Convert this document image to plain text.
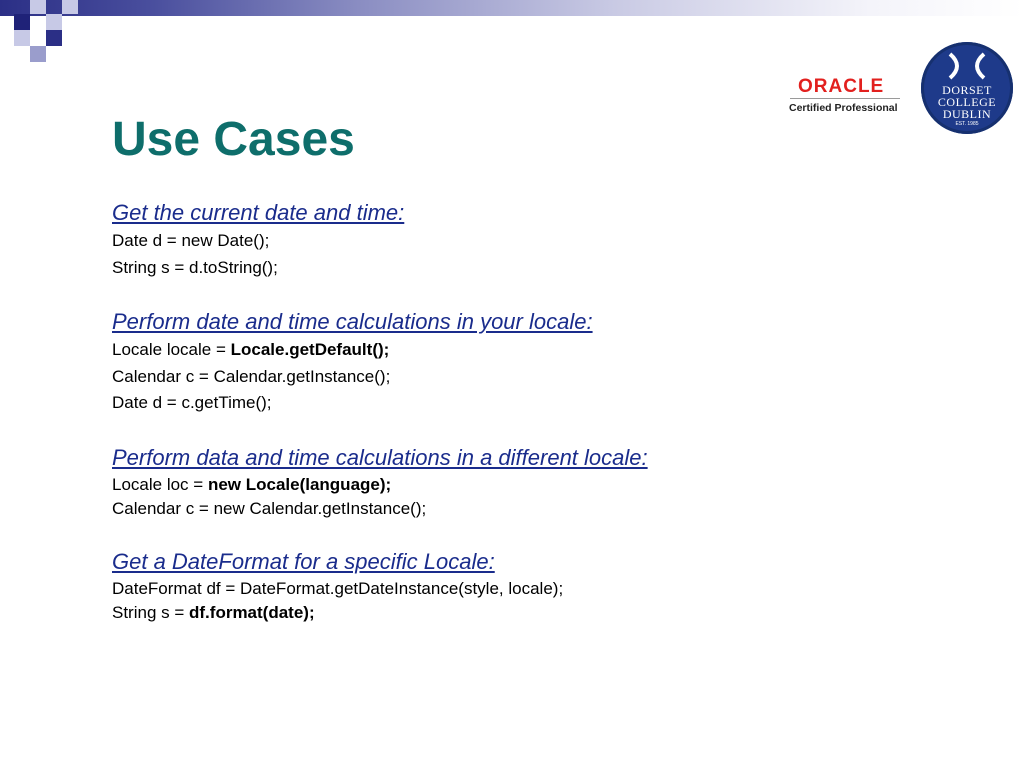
ORACLE
Certified Professional
DORSET
COLLEGE
DUBLIN
EST. 1985
Use Cases
Get the current date and time:
Date d = new Date();
String s = d.toString();
Perform date and time calculations in your locale:
Locale locale = Locale.getDefault();
Calendar c = Calendar.getInstance();
Date d = c.getTime();
Perform data and time calculations in a different locale:
Locale loc = new Locale(language);
Calendar c = new Calendar.getInstance();
Get a DateFormat for a specific Locale:
DateFormat df = DateFormat.getDateInstance(style, locale);
String s = df.format(date);
